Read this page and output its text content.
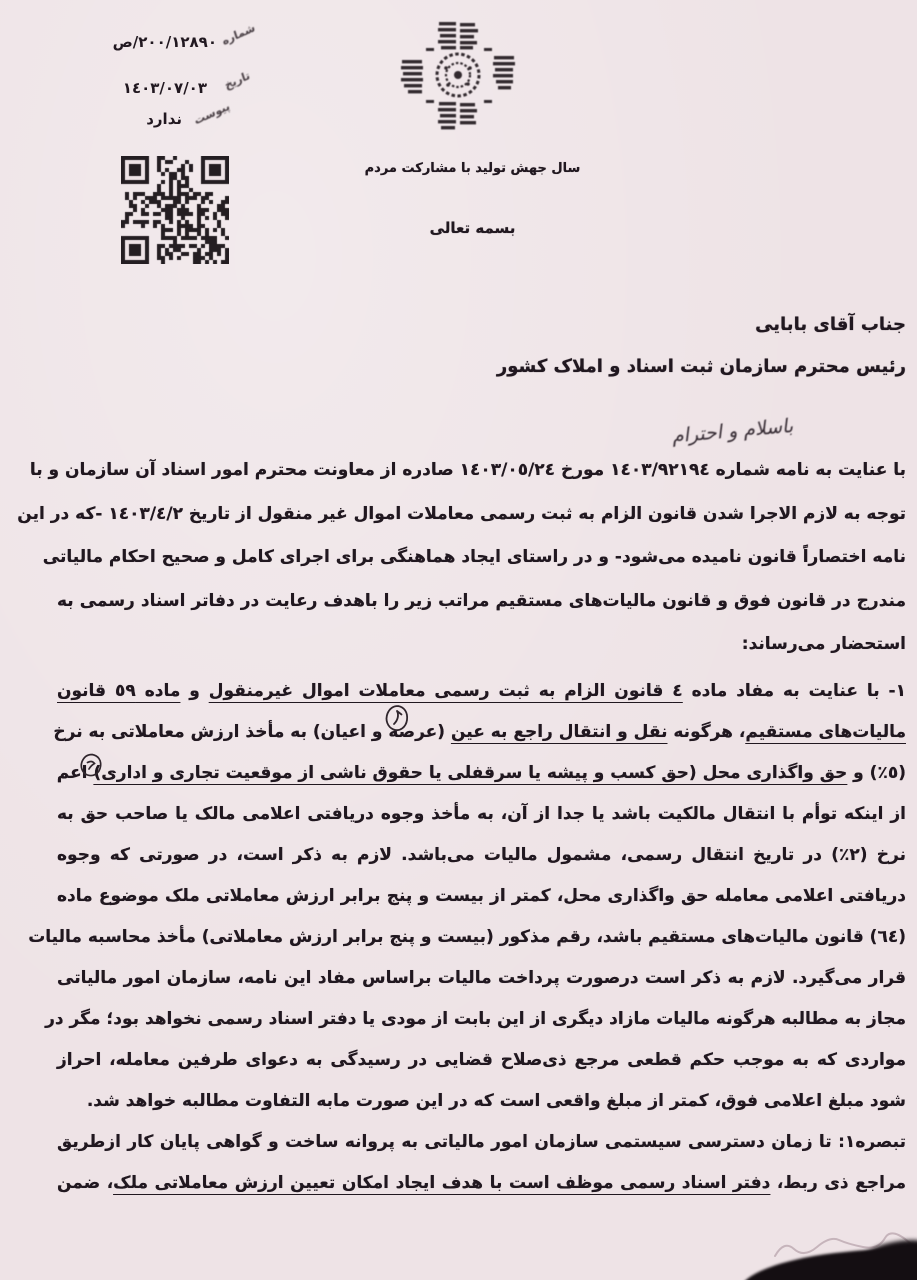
شماره
٢٠٠/١٢٨٩٠/ص
تاریخ
١٤٠٣/٠٧/٠٣
پیوست
ندارد
سال جهش تولید با مشارکت مردم
بسمه تعالی
جناب آقای بابایی
رئیس محترم سازمان ثبت اسناد و املاک کشور
باسلام و احترام
با عنایت به نامه شماره ١٤٠٣/٩٢١٩٤ مورخ ١٤٠٣/٠٥/٢٤ صادره از معاونت محترم امور اسناد آن سازمان و با
توجه به لازم الاجرا شدن قانون الزام به ثبت رسمی معاملات اموال غیر منقول از تاریخ ١٤٠٣/٤/٢ -که در این
نامه اختصاراً قانون نامیده می‌شود- و در راستای ایجاد هماهنگی برای اجرای کامل و صحیح احکام مالیاتی
مندرج در قانون فوق و قانون مالیات‌های مستقیم مراتب زیر را باهدف رعایت در دفاتر اسناد رسمی به
استحضار می‌رساند:
١- با عنایت به مفاد ماده ٤ قانون الزام به ثبت رسمی معاملات اموال غیرمنقول و ماده ٥٩ قانون
مالیات‌های مستقیم، هرگونه نقل و انتقال راجع به عین (عرصه و اعیان) به مأخذ ارزش معاملاتی به نرخ
(٥٪) و حق واگذاری محل (حق کسب و پیشه یا سرقفلی یا حقوق ناشی از موقعیت تجاری و اداری) اعم
از اینکه توأم با انتقال مالکیت باشد یا جدا از آن، به مأخذ وجوه دریافتی اعلامی مالک یا صاحب حق به
نرخ (٢٪) در تاریخ انتقال رسمی، مشمول مالیات می‌باشد. لازم به ذکر است، در صورتی که وجوه
دریافتی اعلامی معامله حق واگذاری محل، کمتر از بیست و پنج برابر ارزش معاملاتی ملک موضوع ماده
(٦٤) قانون مالیات‌های مستقیم باشد، رقم مذکور (بیست و پنج برابر ارزش معاملاتی) مأخذ محاسبه مالیات
قرار می‌گیرد. لازم به ذکر است درصورت پرداخت مالیات براساس مفاد این نامه، سازمان امور مالیاتی
مجاز به مطالبه هرگونه مالیات مازاد دیگری از این بابت از مودی یا دفتر اسناد رسمی نخواهد بود؛ مگر در
مواردی که به موجب حکم قطعی مرجع ذی‌صلاح قضایی در رسیدگی به دعوای طرفین معامله، احراز
شود مبلغ اعلامی فوق، کمتر از مبلغ واقعی است که در این صورت مابه التفاوت مطالبه خواهد شد.
تبصره١: تا زمان دسترسی سیستمی سازمان امور مالیاتی به پروانه ساخت و گواهی پایان کار ازطریق
مراجع ذی ربط، دفتر اسناد رسمی موظف است با هدف ایجاد امکان تعیین ارزش معاملاتی ملک، ضمن
